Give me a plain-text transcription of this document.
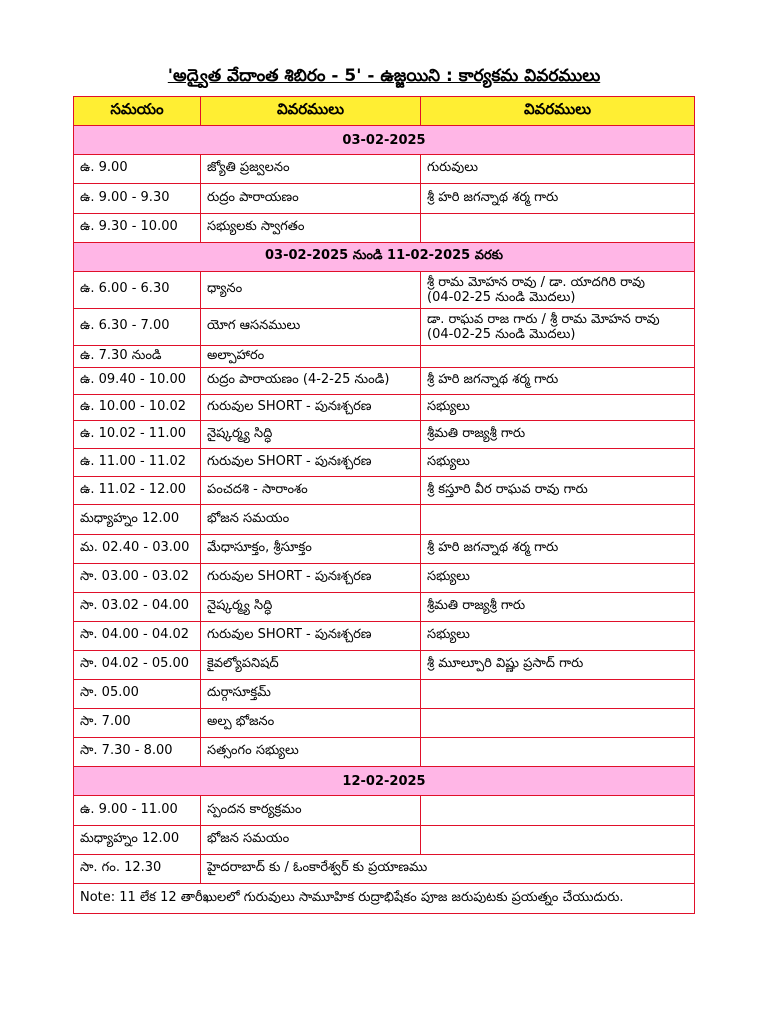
'అద్వైత వేదాంత శిబిరం - 5' - ఉజ్జయిని : కార్యకమ వివరములు
సమయం	వివరములు	వివరములు
03-02-2025		
ఉ. 9.00	జ్యోతి ప్రజ్వలనం	గురువులు
ఉ. 9.00 - 9.30	రుద్రం పారాయణం	శ్రీ హరి జగన్నాథ శర్మ గారు
ఉ. 9.30 - 10.00	సభ్యులకు స్వాగతం	
03-02-2025 నుండి 11-02-2025 వరకు		
ఉ. 6.00 - 6.30	ధ్యానం	శ్రీ రామ మోహన రావు / డా. యాదగిరి రావు
(04-02-25 నుండి మొదలు)

ఉ. 6.30 - 7.00	యోగ ఆసనములు	డా. రాఘవ రాజ గారు / శ్రీ రామ మోహన రావు
(04-02-25 నుండి మొదలు)

ఉ. 7.30 నుండి	అల్పాహారం	
ఉ. 09.40 - 10.00	రుద్రం పారాయణం (4-2-25 నుండి)	శ్రీ హరి జగన్నాథ శర్మ గారు
ఉ. 10.00 - 10.02	గురువుల SHORT - పునఃశ్చరణ	సభ్యులు
ఉ. 10.02 - 11.00	నైష్కర్మ్య సిద్ధి	శ్రీమతి రాజ్యశ్రీ గారు
ఉ. 11.00 - 11.02	గురువుల SHORT - పునఃశ్చరణ	సభ్యులు
ఉ. 11.02 - 12.00	పంచదశి - సారాంశం	శ్రీ కస్తూరి వీర రాఘవ రావు గారు
మధ్యాహ్నం 12.00	భోజన సమయం	
మ. 02.40 - 03.00	మేధాసూక్తం, శ్రీసూక్తం	శ్రీ హరి జగన్నాథ శర్మ గారు
సా. 03.00 - 03.02	గురువుల SHORT - పునఃశ్చరణ	సభ్యులు
సా. 03.02 - 04.00	నైష్కర్మ్య సిద్ధి	శ్రీమతి రాజ్యశ్రీ గారు
సా. 04.00 - 04.02	గురువుల SHORT - పునఃశ్చరణ	సభ్యులు
సా. 04.02 - 05.00	కైవల్యోపనిషద్	శ్రీ మూల్పూరి విష్ణు ప్రసాద్ గారు
సా. 05.00	దుర్గాసూక్తమ్	
సా. 7.00	అల్ప భోజనం	
సా. 7.30 - 8.00	సత్సంగం సభ్యులు	
12-02-2025		
ఉ. 9.00 - 11.00	స్పందన కార్యక్రమం	
మధ్యాహ్నం 12.00	భోజన సమయం	
సా. గం. 12.30	హైదరాబాద్ కు / ఓంకారేశ్వర్ కు ప్రయాణము	
Note: 11 లేక 12 తారీఖులలో గురువులు సామూహిక రుద్రాభిషేకం పూజ జరుపుటకు ప్రయత్నం చేయుదురు.		
